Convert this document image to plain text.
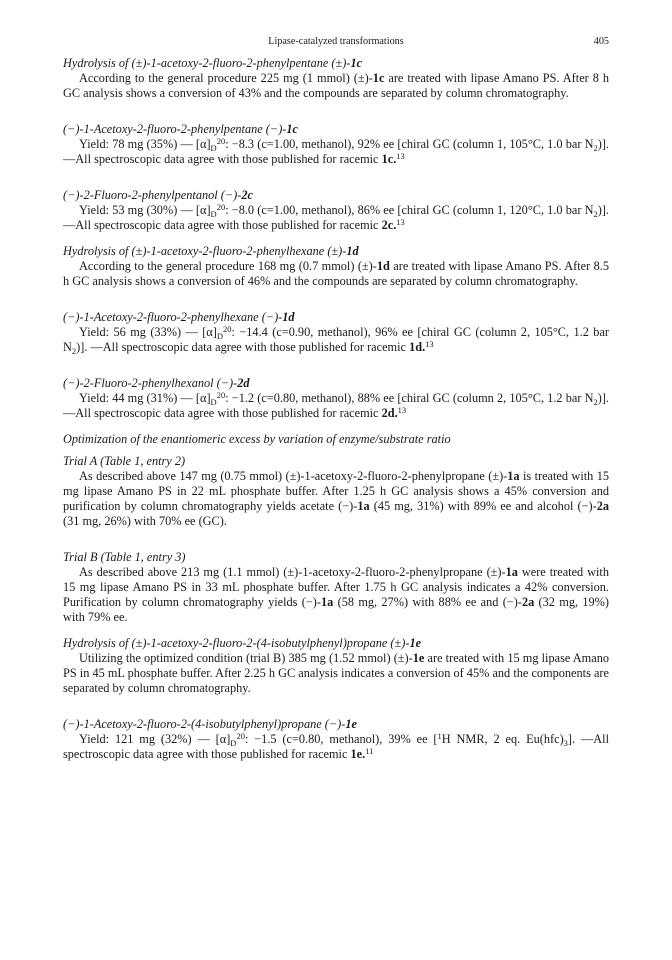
Lipase-catalyzed transformations	405

Hydrolysis of (±)-1-acetoxy-2-fluoro-2-phenylpentane (±)-1c

According to the general procedure 225 mg (1 mmol) (±)-1c are treated with lipase Amano PS. After 8 h GC analysis shows a conversion of 43% and the compounds are separated by column chromatography.

(−)-1-Acetoxy-2-fluoro-2-phenylpentane (−)-1c

Yield: 78 mg (35%) — $[\alpha]_D^{20}$: −8.3 (c=1.00, methanol), 92% ee [chiral GC (column 1, 105°C, 1.0 bar $N_2$)]. —All spectroscopic data agree with those published for racemic 1c.$^{13}$

(−)-2-Fluoro-2-phenylpentanol (−)-2c

Yield: 53 mg (30%) — $[\alpha]_D^{20}$: −8.0 (c=1.00, methanol), 86% ee [chiral GC (column 1, 120°C, 1.0 bar $N_2$)]. —All spectroscopic data agree with those published for racemic 2c.$^{13}$

Hydrolysis of (±)-1-acetoxy-2-fluoro-2-phenylhexane (±)-1d

According to the general procedure 168 mg (0.7 mmol) (±)-1d are treated with lipase Amano PS. After 8.5 h GC analysis shows a conversion of 46% and the compounds are separated by column chromatography.

(−)-1-Acetoxy-2-fluoro-2-phenylhexane (−)-1d

Yield: 56 mg (33%) — $[\alpha]_D^{20}$: −14.4 (c=0.90, methanol), 96% ee [chiral GC (column 2, 105°C, 1.2 bar $N_2$)]. —All spectroscopic data agree with those published for racemic 1d.$^{13}$

(−)-2-Fluoro-2-phenylhexanol (−)-2d

Yield: 44 mg (31%) — $[\alpha]_D^{20}$: −1.2 (c=0.80, methanol), 88% ee [chiral GC (column 2, 105°C, 1.2 bar $N_2$)]. —All spectroscopic data agree with those published for racemic 2d.$^{13}$

Optimization of the enantiomeric excess by variation of enzyme/substrate ratio

Trial A (Table 1, entry 2)

As described above 147 mg (0.75 mmol) (±)-1-acetoxy-2-fluoro-2-phenylpropane (±)-1a is treated with 15 mg lipase Amano PS in 22 mL phosphate buffer. After 1.25 h GC analysis shows a 45% conversion and purification by column chromatography yields acetate (−)-1a (45 mg, 31%) with 89% ee and alcohol (−)-2a (31 mg, 26%) with 70% ee (GC).

Trial B (Table 1, entry 3)

As described above 213 mg (1.1 mmol) (±)-1-acetoxy-2-fluoro-2-phenylpropane (±)-1a were treated with 15 mg lipase Amano PS in 33 mL phosphate buffer. After 1.75 h GC analysis indicates a 42% conversion. Purification by column chromatography yields (−)-1a (58 mg, 27%) with 88% ee and (−)-2a (32 mg, 19%) with 79% ee.

Hydrolysis of (±)-1-acetoxy-2-fluoro-2-(4-isobutylphenyl)propane (±)-1e

Utilizing the optimized condition (trial B) 385 mg (1.52 mmol) (±)-1e are treated with 15 mg lipase Amano PS in 45 mL phosphate buffer. After 2.25 h GC analysis indicates a conversion of 45% and the components are separated by column chromatography.

(−)-1-Acetoxy-2-fluoro-2-(4-isobutylphenyl)propane (−)-1e

Yield: 121 mg (32%) — $[\alpha]_D^{20}$: −1.5 (c=0.80, methanol), 39% ee [$^1$H NMR, 2 eq. $Eu(hfc)_3$]. —All spectroscopic data agree with those published for racemic 1e.$^{11}$
